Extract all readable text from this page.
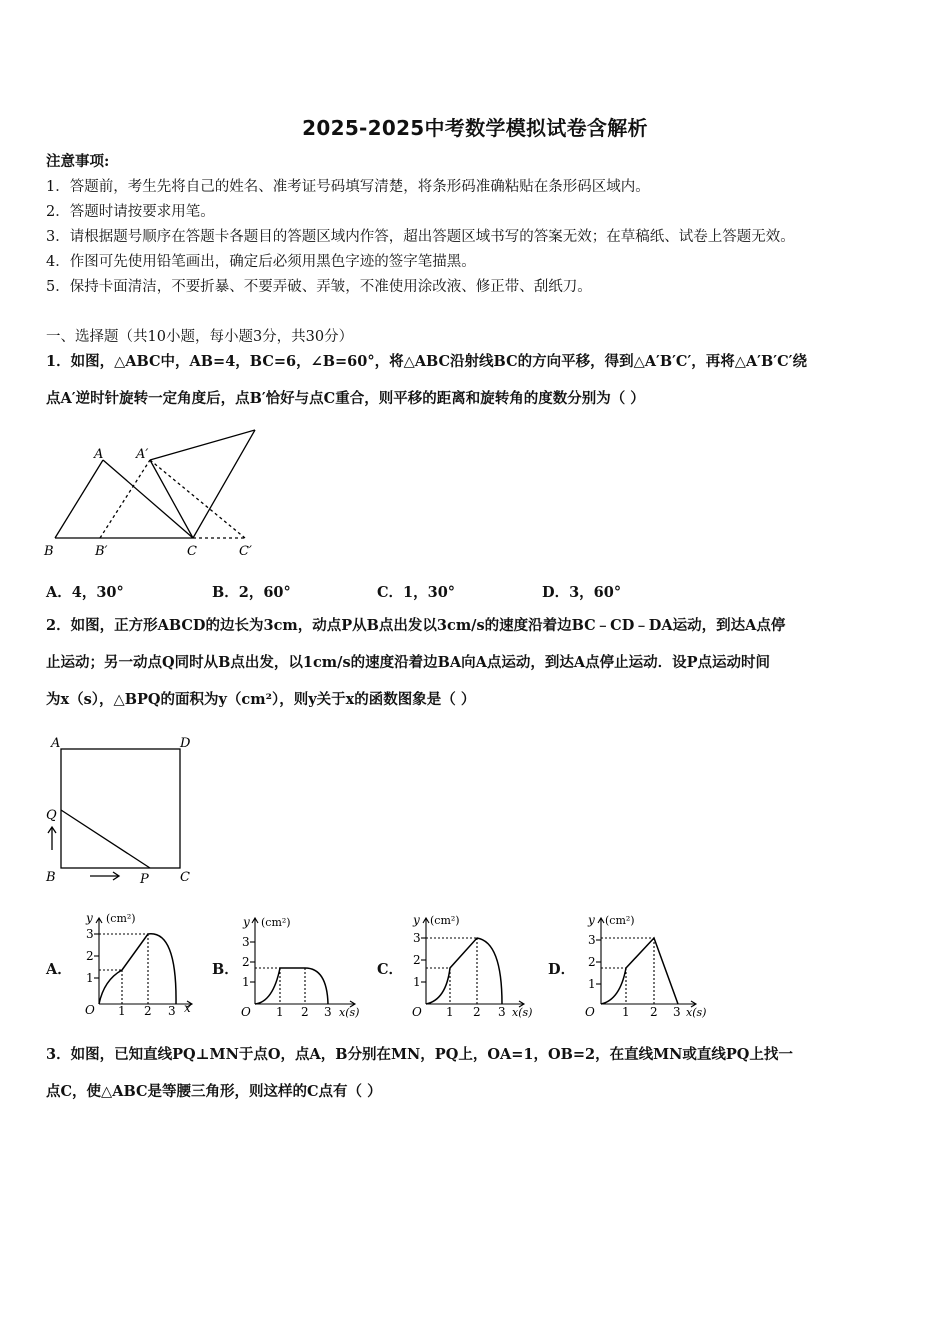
2025-2025中考数学模拟试卷含解析
注意事项:
1．答题前，考生先将自己的姓名、准考证号码填写清楚，将条形码准确粘贴在条形码区域内。
2．答题时请按要求用笔。
3．请根据题号顺序在答题卡各题目的答题区域内作答，超出答题区域书写的答案无效；在草稿纸、试卷上答题无效。
4．作图可先使用铅笔画出，确定后必须用黑色字迹的签字笔描黑。
5．保持卡面清洁，不要折暴、不要弄破、弄皱，不准使用涂改液、修正带、刮纸刀。
一、选择题（共10小题，每小题3分，共30分）
1．如图，△ABC中，AB=4，BC=6，∠B=60°，将△ABC沿射线BC的方向平移，得到△A′B′C′，再将△A′B′C′绕
点A′逆时针旋转一定角度后，点B′恰好与点C重合，则平移的距离和旋转角的度数分别为（ ）
A	A′
B	B′	C	C′
A．4，30°	B．2，60°	C．1，30°	D．3，60°
2．如图，正方形ABCD的边长为3cm，动点P从B点出发以3cm/s的速度沿着边BC﹣CD﹣DA运动，到达A点停
止运动；另一动点Q同时从B点出发，以1cm/s的速度沿着边BA向A点运动，到达A点停止运动．设P点运动时间
为x（s），△BPQ的面积为y（cm²），则y关于x的函数图象是（ ）
A	D
Q
B	P C
A．
y (cm²)
3
2
1
O 1 2 3 x
B．
y (cm²)
3
2
1
O 1 2 3 x(s)
C．
y (cm²)
3
2
1
O 1 2 3 x(s)
D．
y (cm²)
3
2
1
O 1 2 3 x(s)
3．如图，已知直线PQ⊥MN于点O，点A，B分别在MN，PQ上，OA=1，OB=2，在直线MN或直线PQ上找一
点C，使△ABC是等腰三角形，则这样的C点有（ ）
